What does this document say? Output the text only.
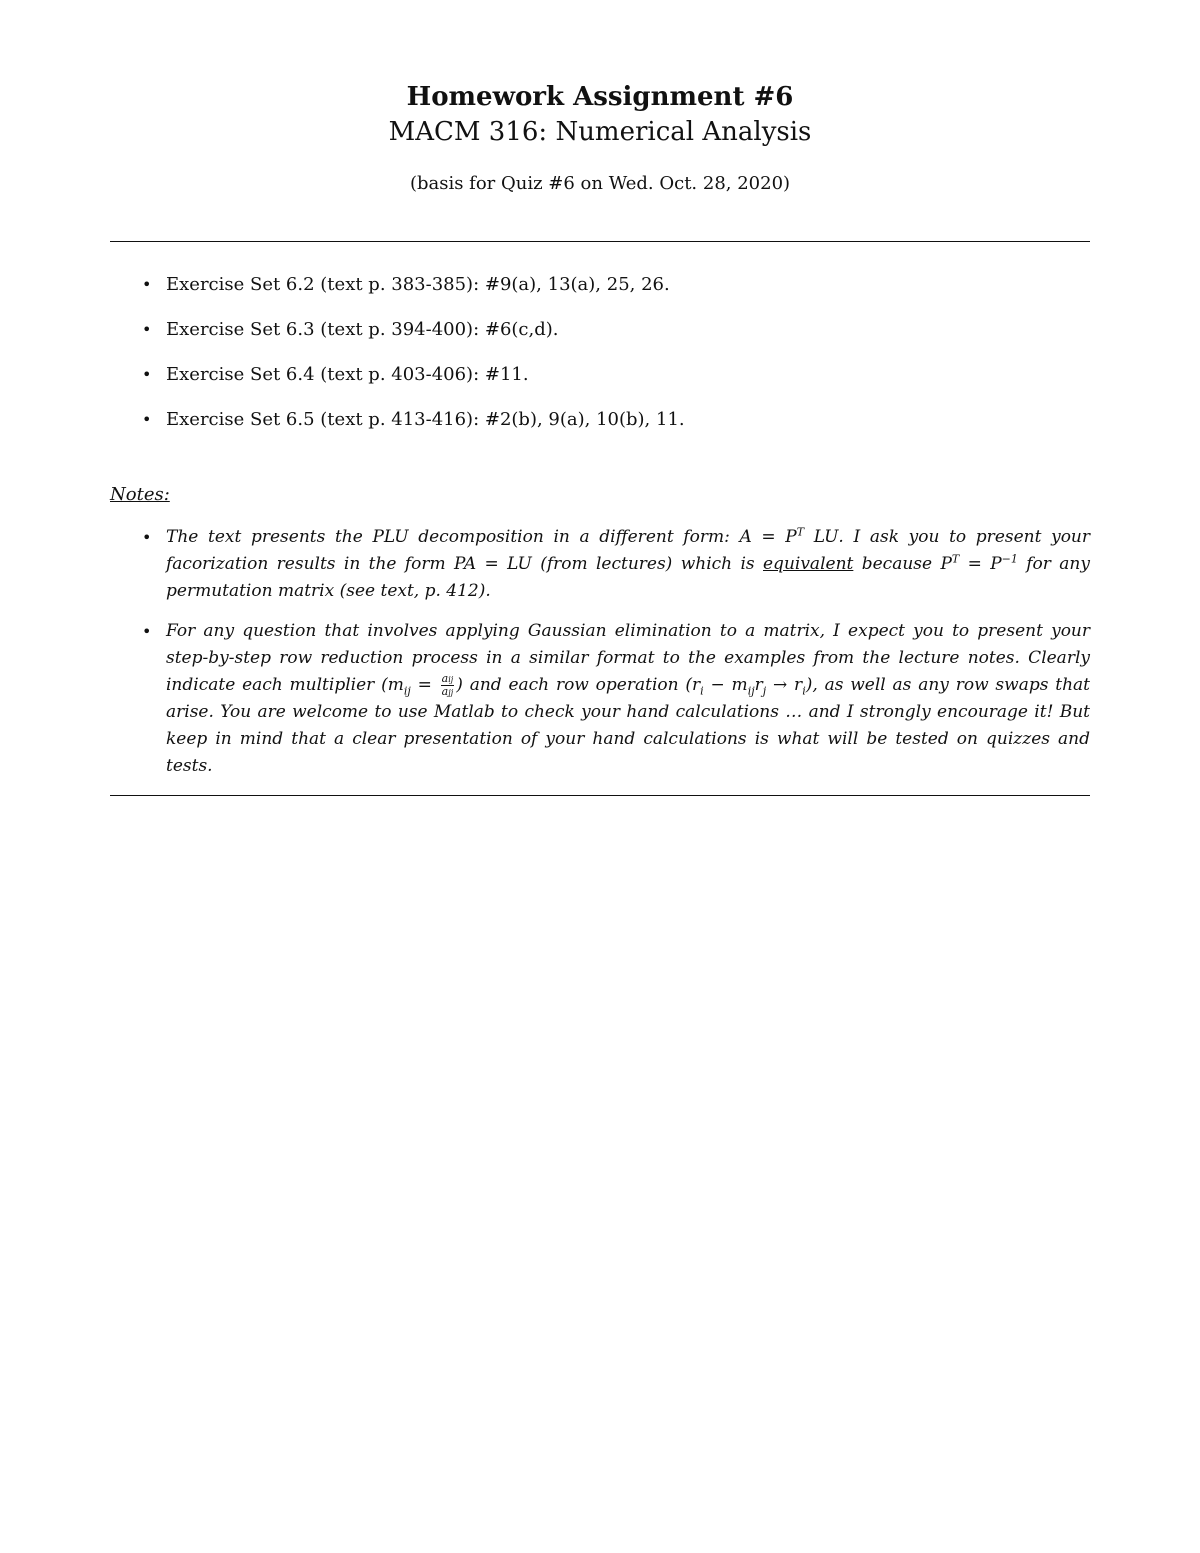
Homework Assignment #6

MACM 316: Numerical Analysis

(basis for Quiz #6 on Wed. Oct. 28, 2020)

• Exercise Set 6.2 (text p. 383-385): #9(a), 13(a), 25, 26.
• Exercise Set 6.3 (text p. 394-400): #6(c,d).
• Exercise Set 6.4 (text p. 403-406): #11.
• Exercise Set 6.5 (text p. 413-416): #2(b), 9(a), 10(b), 11.
Notes:
• The text presents the PLU decomposition in a different form: $A = P^T$ LU. I ask you to present your facorization results in the form PA = LU (from lectures) which is equivalent because $P^T = P^{-1}$ for any permutation matrix (see text, p. 412).
• For any question that involves applying Gaussian elimination to a matrix, I expect you to present your step-by-step row reduction process in a similar format to the examples from the lecture notes. Clearly indicate each multiplier ($m_{ij} = \frac{\text{aij}}{\text{ajj}}$ ) and each row operation $(r_i - m_{ij}r_j \to r_i)$, as well as any row swaps that arise. You are welcome to use Matlab to check your hand calculations … and I strongly encourage it! But keep in mind that a clear presentation of your hand calculations is what will be tested on quizzes and tests.
